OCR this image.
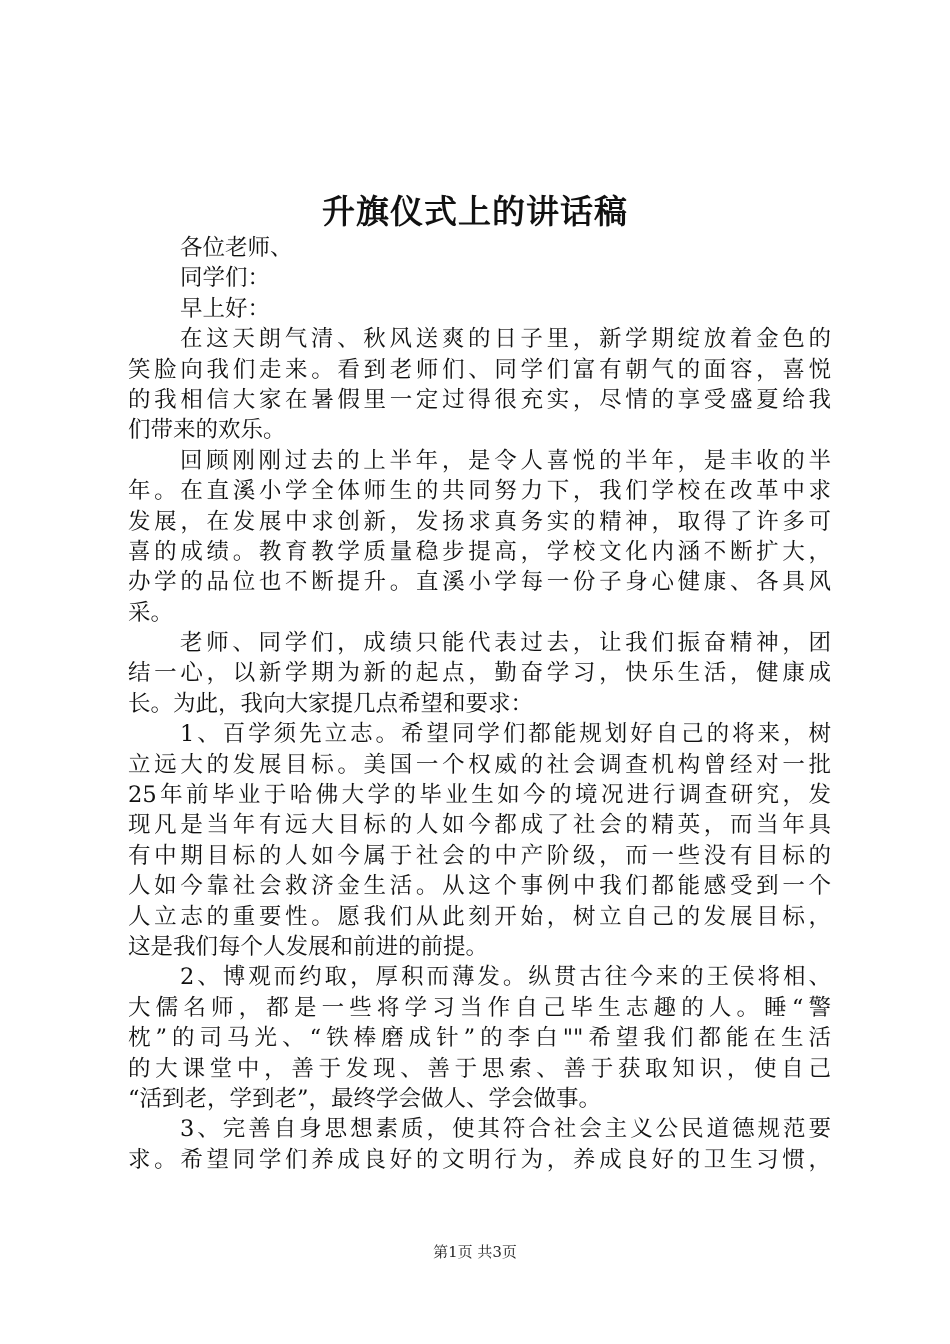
升旗仪式上的讲话稿
各位老师、
同学们：
早上好：
在这天朗气清、秋风送爽的日子里，新学期绽放着金色的
笑脸向我们走来。看到老师们、同学们富有朝气的面容，喜悦
的我相信大家在暑假里一定过得很充实，尽情的享受盛夏给我
们带来的欢乐。
回顾刚刚过去的上半年，是令人喜悦的半年，是丰收的半
年。在直溪小学全体师生的共同努力下，我们学校在改革中求
发展，在发展中求创新，发扬求真务实的精神，取得了许多可
喜的成绩。教育教学质量稳步提高，学校文化内涵不断扩大，
办学的品位也不断提升。直溪小学每一份子身心健康、各具风
采。
老师、同学们，成绩只能代表过去，让我们振奋精神，团
结一心，以新学期为新的起点，勤奋学习，快乐生活，健康成
长。为此，我向大家提几点希望和要求：
1、百学须先立志。希望同学们都能规划好自己的将来，树
立远大的发展目标。美国一个权威的社会调查机构曾经对一批
25年前毕业于哈佛大学的毕业生如今的境况进行调查研究，发
现凡是当年有远大目标的人如今都成了社会的精英，而当年具
有中期目标的人如今属于社会的中产阶级，而一些没有目标的
人如今靠社会救济金生活。从这个事例中我们都能感受到一个
人立志的重要性。愿我们从此刻开始，树立自己的发展目标，
这是我们每个人发展和前进的前提。
2、博观而约取，厚积而薄发。纵贯古往今来的王侯将相、
大儒名师，都是一些将学习当作自己毕生志趣的人。睡“警
枕”的司马光、“铁棒磨成针”的李白""希望我们都能在生活
的大课堂中，善于发现、善于思索、善于获取知识，使自己
“活到老，学到老”，最终学会做人、学会做事。
3、完善自身思想素质，使其符合社会主义公民道德规范要
求。希望同学们养成良好的文明行为，养成良好的卫生习惯，
第1页 共3页
